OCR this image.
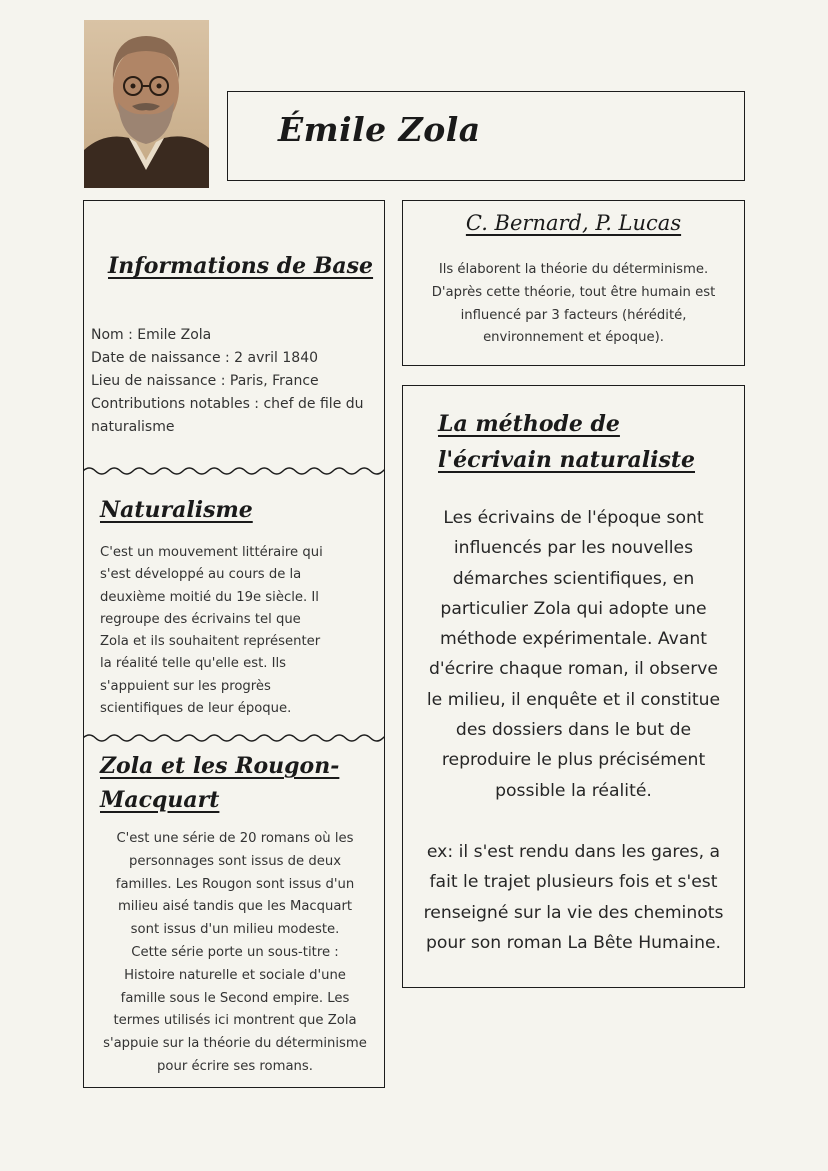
Émile Zola
Informations de Base
Nom : Emile Zola
Date de naissance : 2 avril 1840
Lieu de naissance : Paris, France
Contributions notables : chef de file du
naturalisme
Naturalisme
C'est un mouvement littéraire qui
s'est développé au cours de la
deuxième moitié du 19e siècle. Il
regroupe des écrivains tel que
Zola et ils souhaitent représenter
la réalité telle qu'elle est. Ils
s'appuient sur les progrès
scientifiques de leur époque.
Zola et les Rougon-
Macquart
C'est une série de 20 romans où les
personnages sont issus de deux
familles. Les Rougon sont issus d'un
milieu aisé tandis que les Macquart
sont issus d'un milieu modeste.
Cette série porte un sous-titre :
Histoire naturelle et sociale d'une
famille sous le Second empire. Les
termes utilisés ici montrent que Zola
s'appuie sur la théorie du déterminisme
pour écrire ses romans.
C. Bernard, P. Lucas
Ils élaborent la théorie du déterminisme.
D'après cette théorie, tout être humain est
influencé par 3 facteurs (hérédité,
environnement et époque).
La méthode de
l'écrivain naturaliste
Les écrivains de l'époque sont
influencés par les nouvelles
démarches scientifiques, en
particulier Zola qui adopte une
méthode expérimentale. Avant
d'écrire chaque roman, il observe
le milieu, il enquête et il constitue
des dossiers dans le but de
reproduire le plus précisément
possible la réalité.
ex: il s'est rendu dans les gares, a
fait le trajet plusieurs fois et s'est
renseigné sur la vie des cheminots
pour son roman La Bête Humaine.
